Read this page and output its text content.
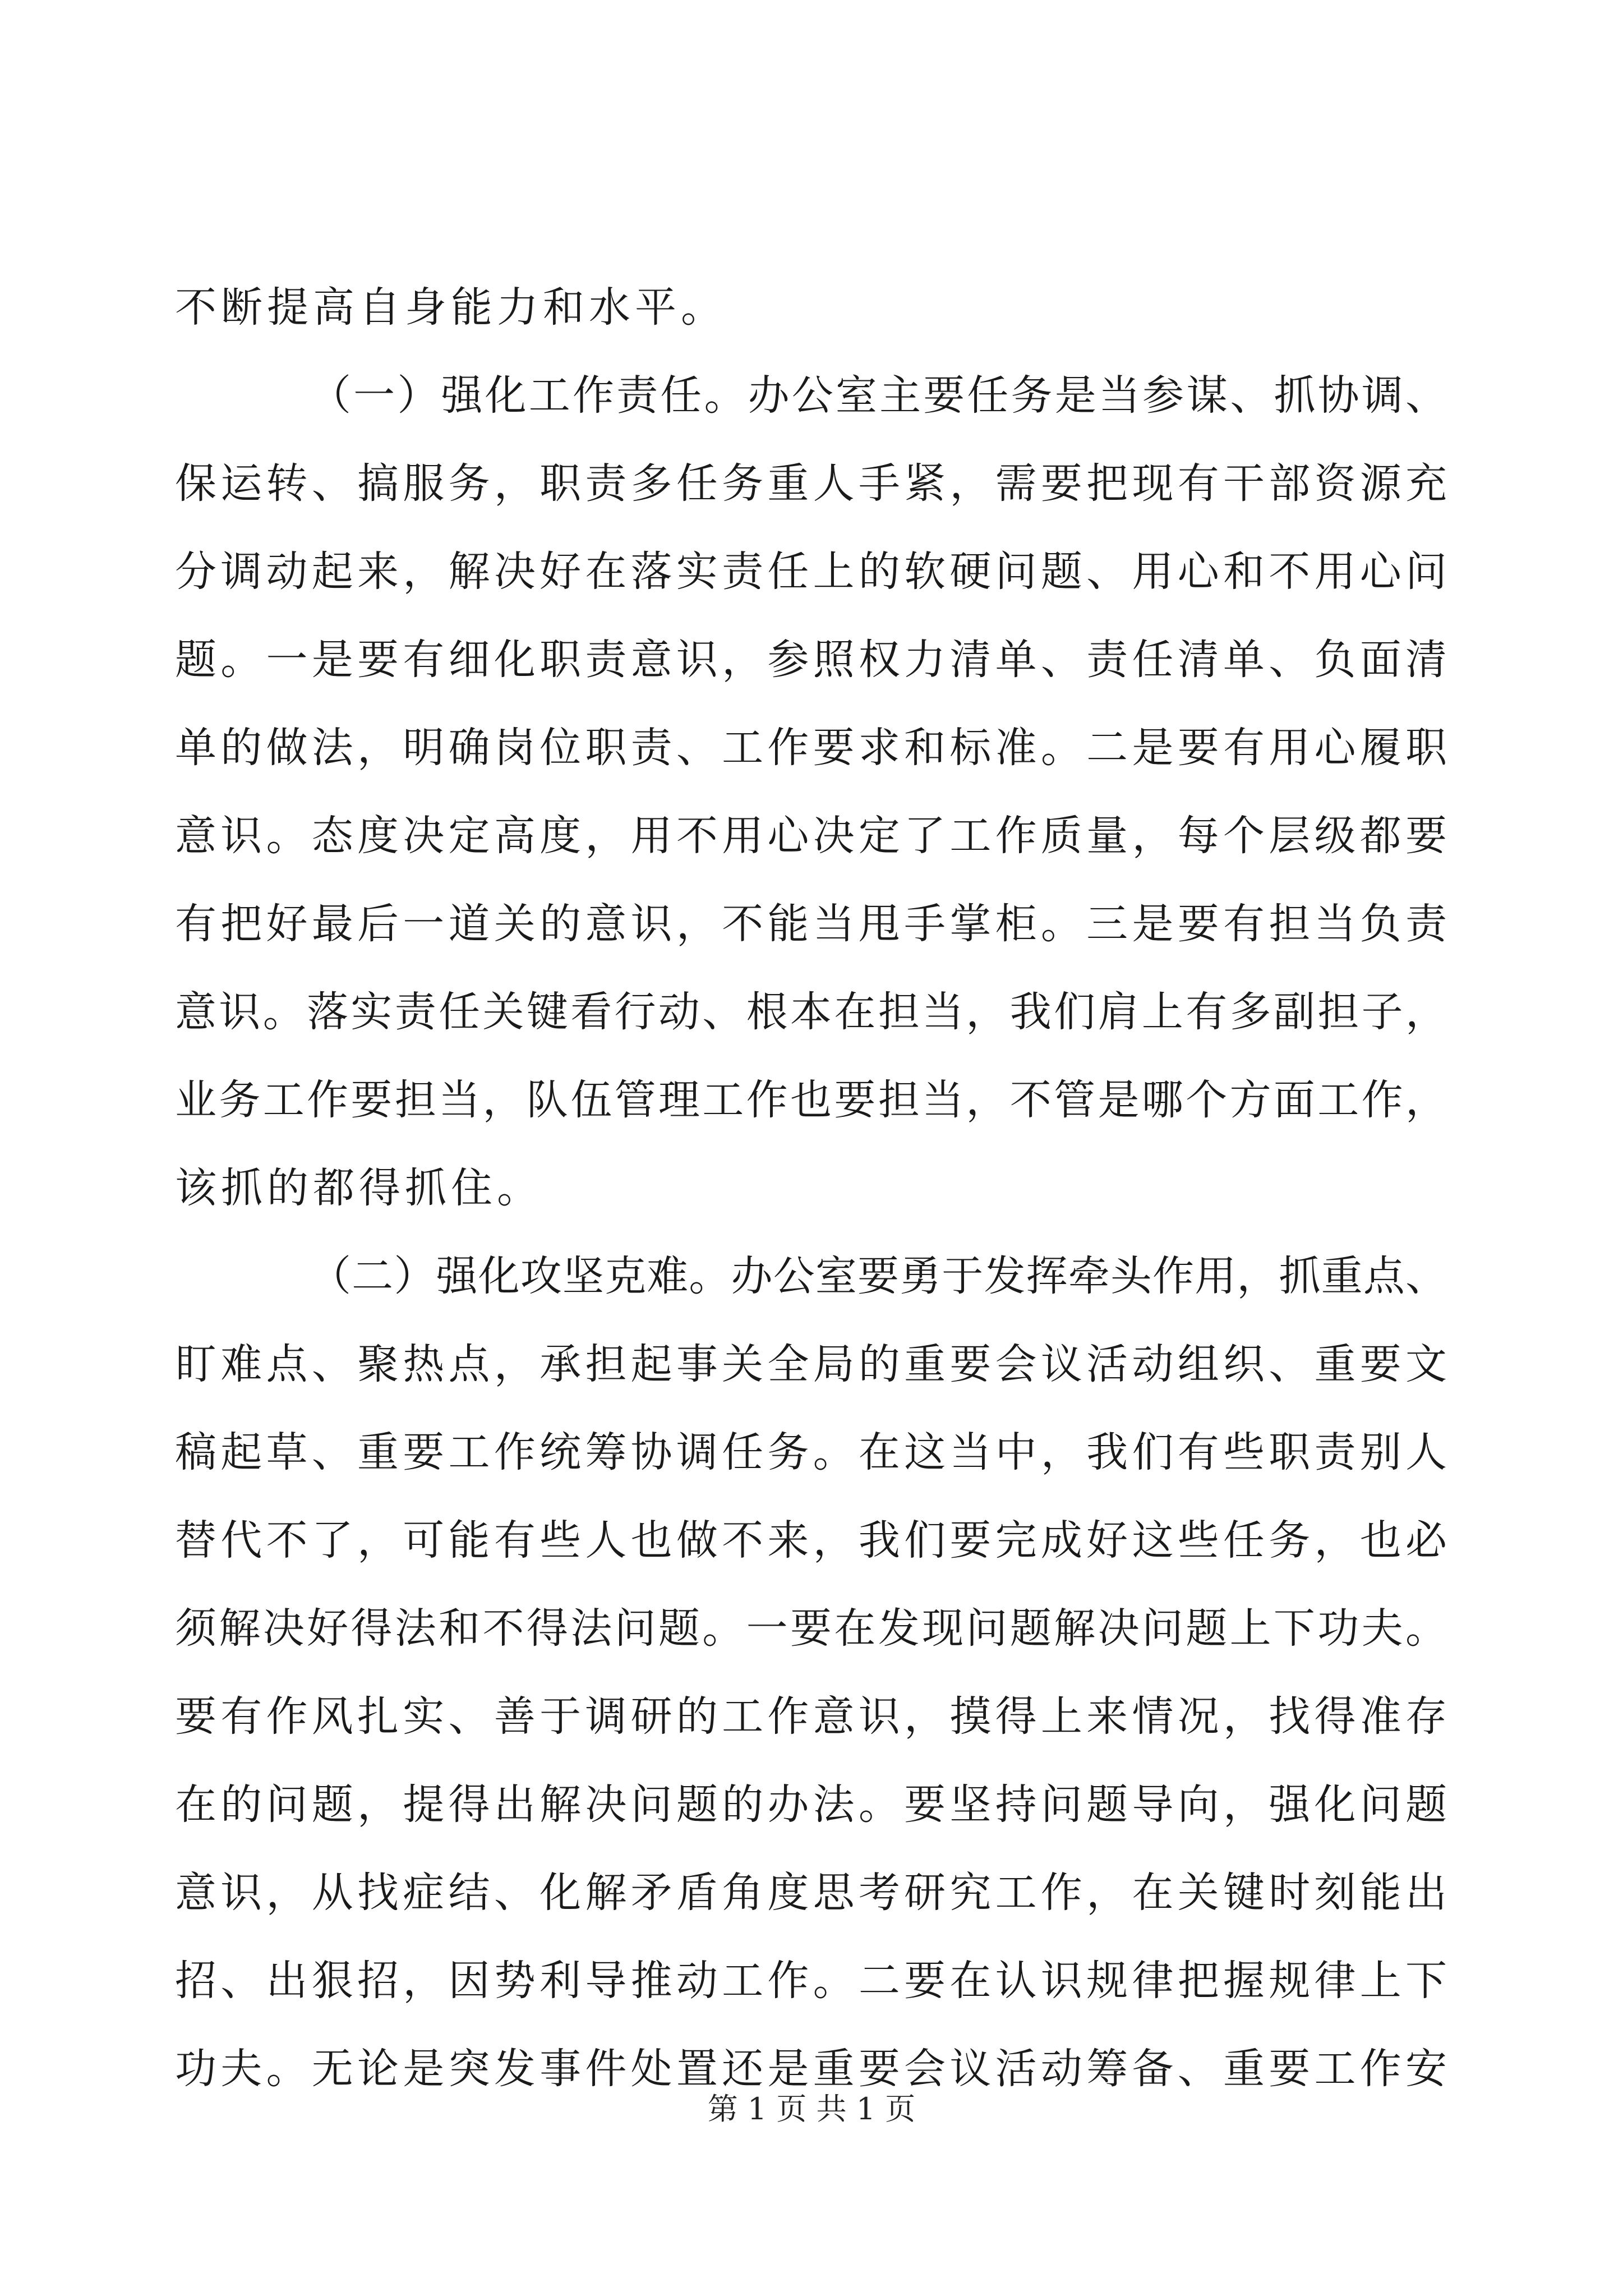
不断提高自身能力和水平。
（一）强化工作责任。办公室主要任务是当参谋、抓协调、
保运转、搞服务，职责多任务重人手紧，需要把现有干部资源充
分调动起来，解决好在落实责任上的软硬问题、用心和不用心问
题。一是要有细化职责意识，参照权力清单、责任清单、负面清
单的做法，明确岗位职责、工作要求和标准。二是要有用心履职
意识。态度决定高度，用不用心决定了工作质量，每个层级都要
有把好最后一道关的意识，不能当甩手掌柜。三是要有担当负责
意识。落实责任关键看行动、根本在担当，我们肩上有多副担子，
业务工作要担当，队伍管理工作也要担当，不管是哪个方面工作，
该抓的都得抓住。
（二）强化攻坚克难。办公室要勇于发挥牵头作用，抓重点、
盯难点、聚热点，承担起事关全局的重要会议活动组织、重要文
稿起草、重要工作统筹协调任务。在这当中，我们有些职责别人
替代不了，可能有些人也做不来，我们要完成好这些任务，也必
须解决好得法和不得法问题。一要在发现问题解决问题上下功夫。
要有作风扎实、善于调研的工作意识，摸得上来情况，找得准存
在的问题，提得出解决问题的办法。要坚持问题导向，强化问题
意识，从找症结、化解矛盾角度思考研究工作，在关键时刻能出
招、出狠招，因势利导推动工作。二要在认识规律把握规律上下
功夫。无论是突发事件处置还是重要会议活动筹备、重要工作安
第 1 页 共 1 页
